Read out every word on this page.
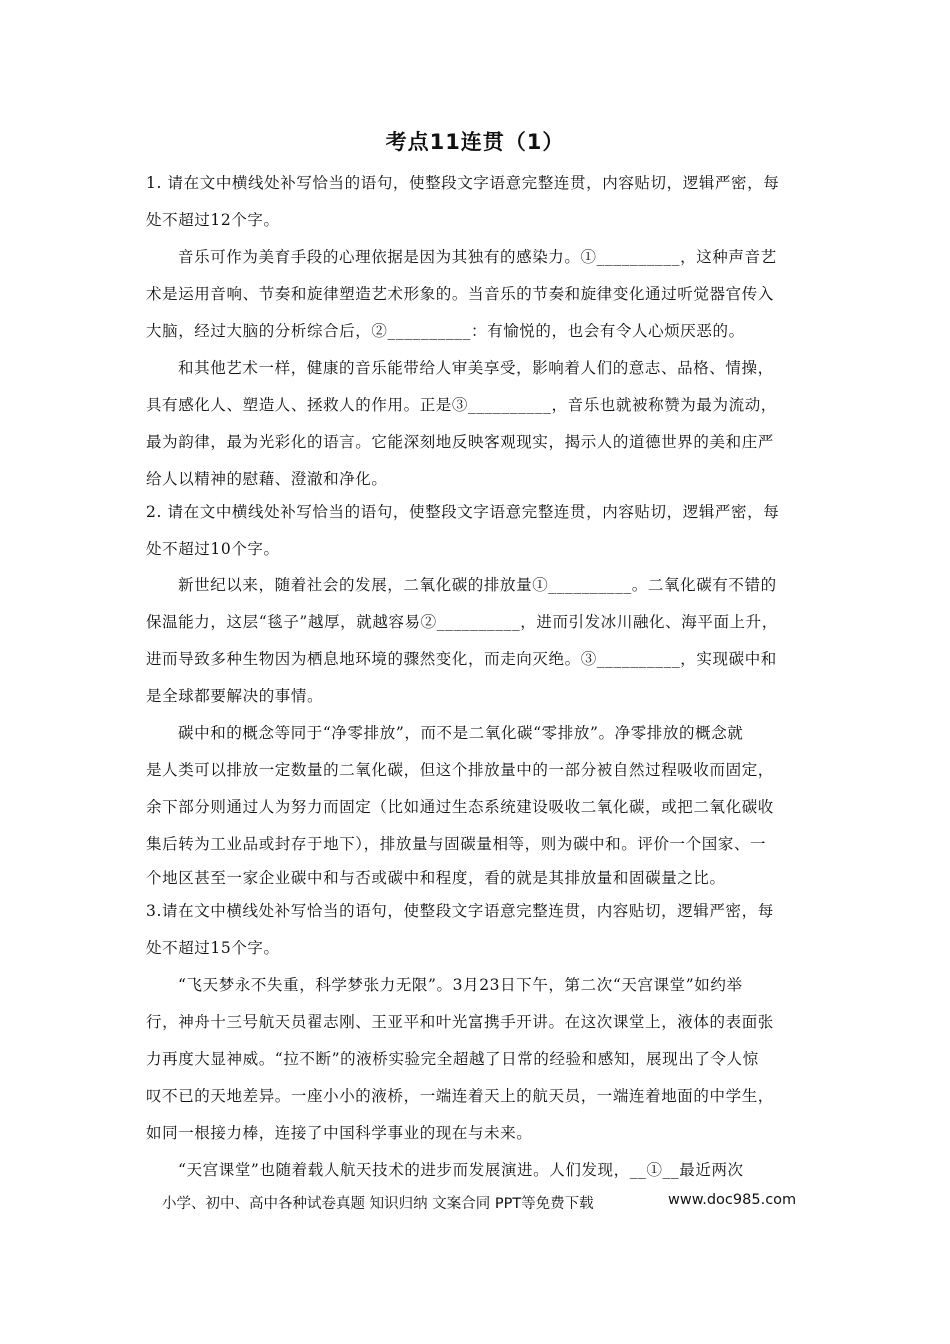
考点11连贯（1）
1. 请在文中横线处补写恰当的语句，使整段文字语意完整连贯，内容贴切，逻辑严密，每
处不超过12个字。
音乐可作为美育手段的心理依据是因为其独有的感染力。①__________，这种声音艺
术是运用音响、节奏和旋律塑造艺术形象的。当音乐的节奏和旋律变化通过听觉器官传入
大脑，经过大脑的分析综合后，②__________：有愉悦的，也会有令人心烦厌恶的。
和其他艺术一样，健康的音乐能带给人审美享受，影响着人们的意志、品格、情操，
具有感化人、塑造人、拯救人的作用。正是③__________，音乐也就被称赞为最为流动，
最为韵律，最为光彩化的语言。它能深刻地反映客观现实，揭示人的道德世界的美和庄严
给人以精神的慰藉、澄澈和净化。
2. 请在文中横线处补写恰当的语句，使整段文字语意完整连贯，内容贴切，逻辑严密，每
处不超过10个字。
新世纪以来，随着社会的发展，二氧化碳的排放量①__________。二氧化碳有不错的
保温能力，这层“毯子”越厚，就越容易②__________，进而引发冰川融化、海平面上升，
进而导致多种生物因为栖息地环境的骤然变化，而走向灭绝。③__________，实现碳中和
是全球都要解决的事情。
碳中和的概念等同于“净零排放”，而不是二氧化碳“零排放”。净零排放的概念就
是人类可以排放一定数量的二氧化碳，但这个排放量中的一部分被自然过程吸收而固定，
余下部分则通过人为努力而固定（比如通过生态系统建设吸收二氧化碳，或把二氧化碳收
集后转为工业品或封存于地下），排放量与固碳量相等，则为碳中和。评价一个国家、一
个地区甚至一家企业碳中和与否或碳中和程度，看的就是其排放量和固碳量之比。
3.请在文中横线处补写恰当的语句，使整段文字语意完整连贯，内容贴切，逻辑严密，每
处不超过15个字。
“飞天梦永不失重，科学梦张力无限”。3月23日下午，第二次“天宫课堂”如约举
行，神舟十三号航天员翟志刚、王亚平和叶光富携手开讲。在这次课堂上，液体的表面张
力再度大显神威。“拉不断”的液桥实验完全超越了日常的经验和感知，展现出了令人惊
叹不已的天地差异。一座小小的液桥，一端连着天上的航天员，一端连着地面的中学生，
如同一根接力棒，连接了中国科学事业的现在与未来。
“天宫课堂”也随着载人航天技术的进步而发展演进。人们发现，__①__最近两次
小学、初中、高中各种试卷真题 知识归纳 文案合同 PPT等免费下载	www.doc985.com
